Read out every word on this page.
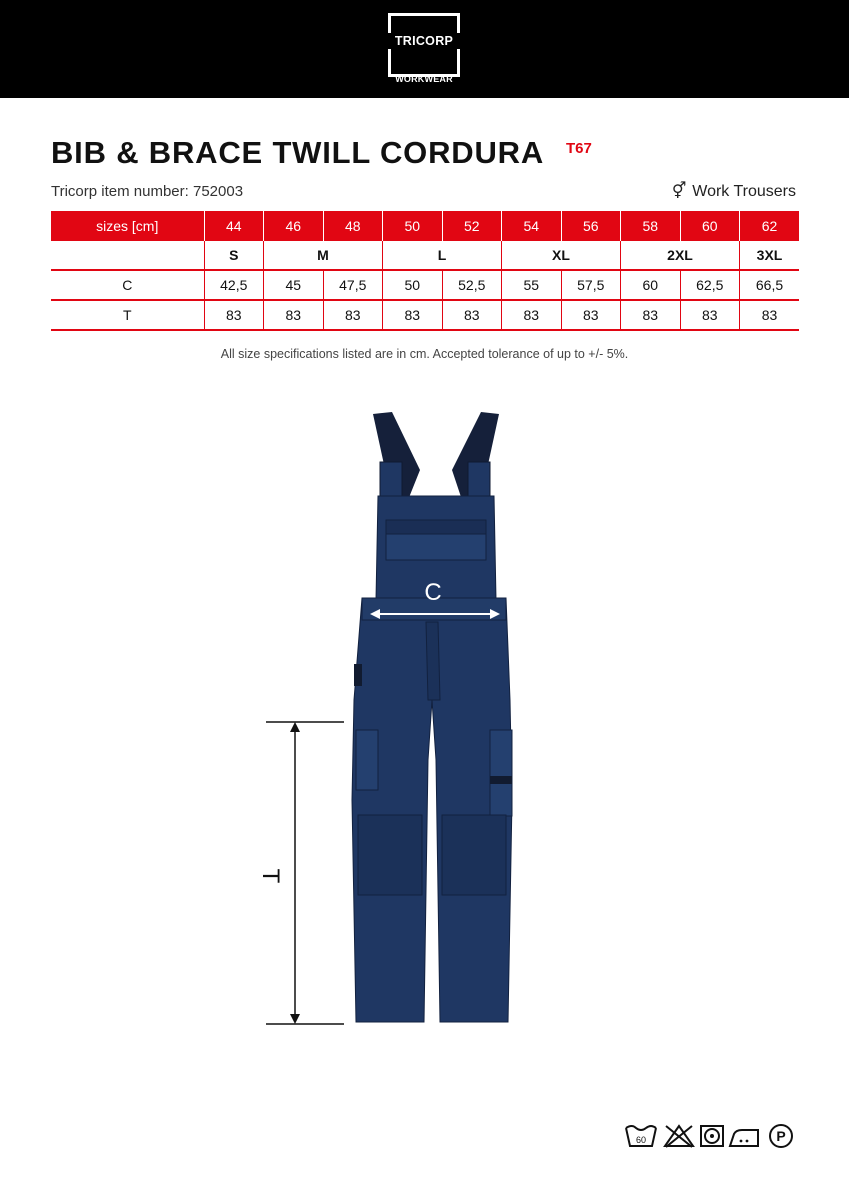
TRICORP
WORKWEAR
BIB & BRACE TWILL CORDURA T67
Tricorp item number: 752003	⚥ Work Trousers
sizes [cm]	44	46	48	50	52	54	56	58	60	62
	S	M		L		XL		2XL		3XL
C	42,5	45	47,5	50	52,5	55	57,5	60	62,5	66,5
T	83	83	83	83	83	83	83	83	83	83
All size specifications listed are in cm. Accepted tolerance of up to +/- 5%.
C
T
60	P
